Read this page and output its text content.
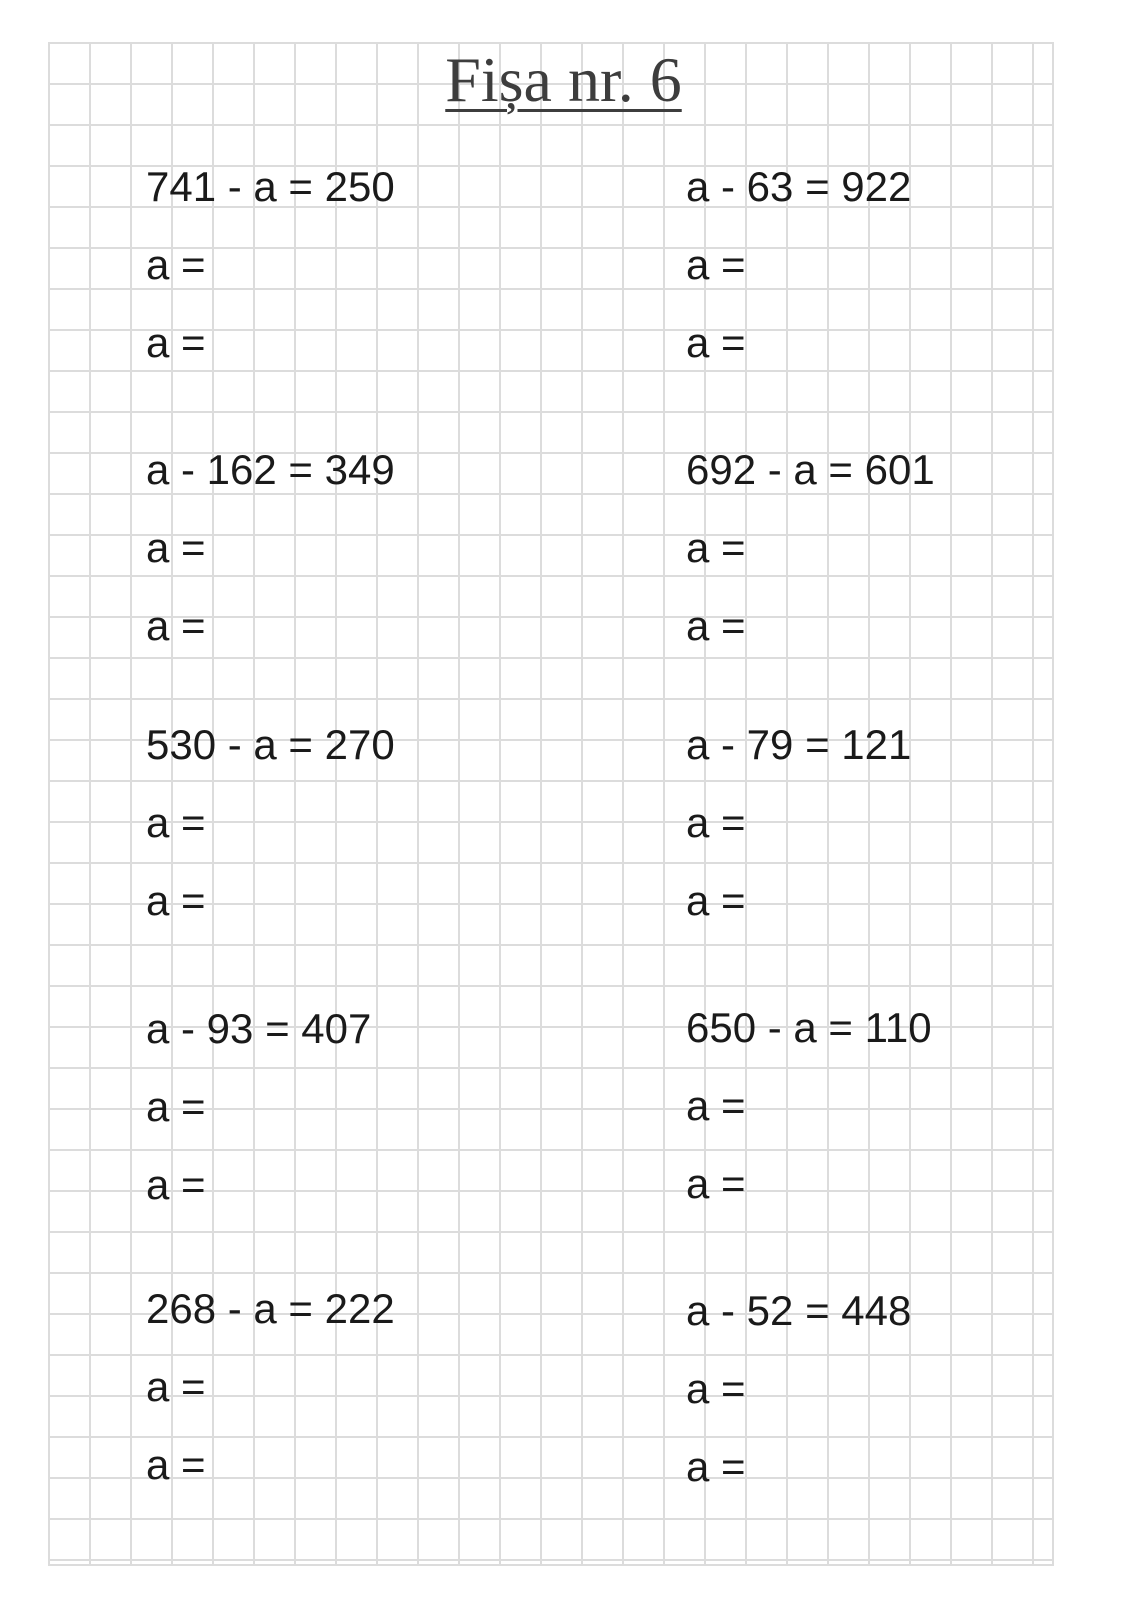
Fișa nr. 6
741 - a = 250
a =
a =
a - 162 = 349
a =
a =
530 - a = 270
a =
a =
a - 93 = 407
a =
a =
268 - a = 222
a =
a =
a - 63 = 922
a =
a =
692 - a = 601
a =
a =
a - 79 = 121
a =
a =
650 - a = 110
a =
a =
a - 52 = 448
a =
a =
